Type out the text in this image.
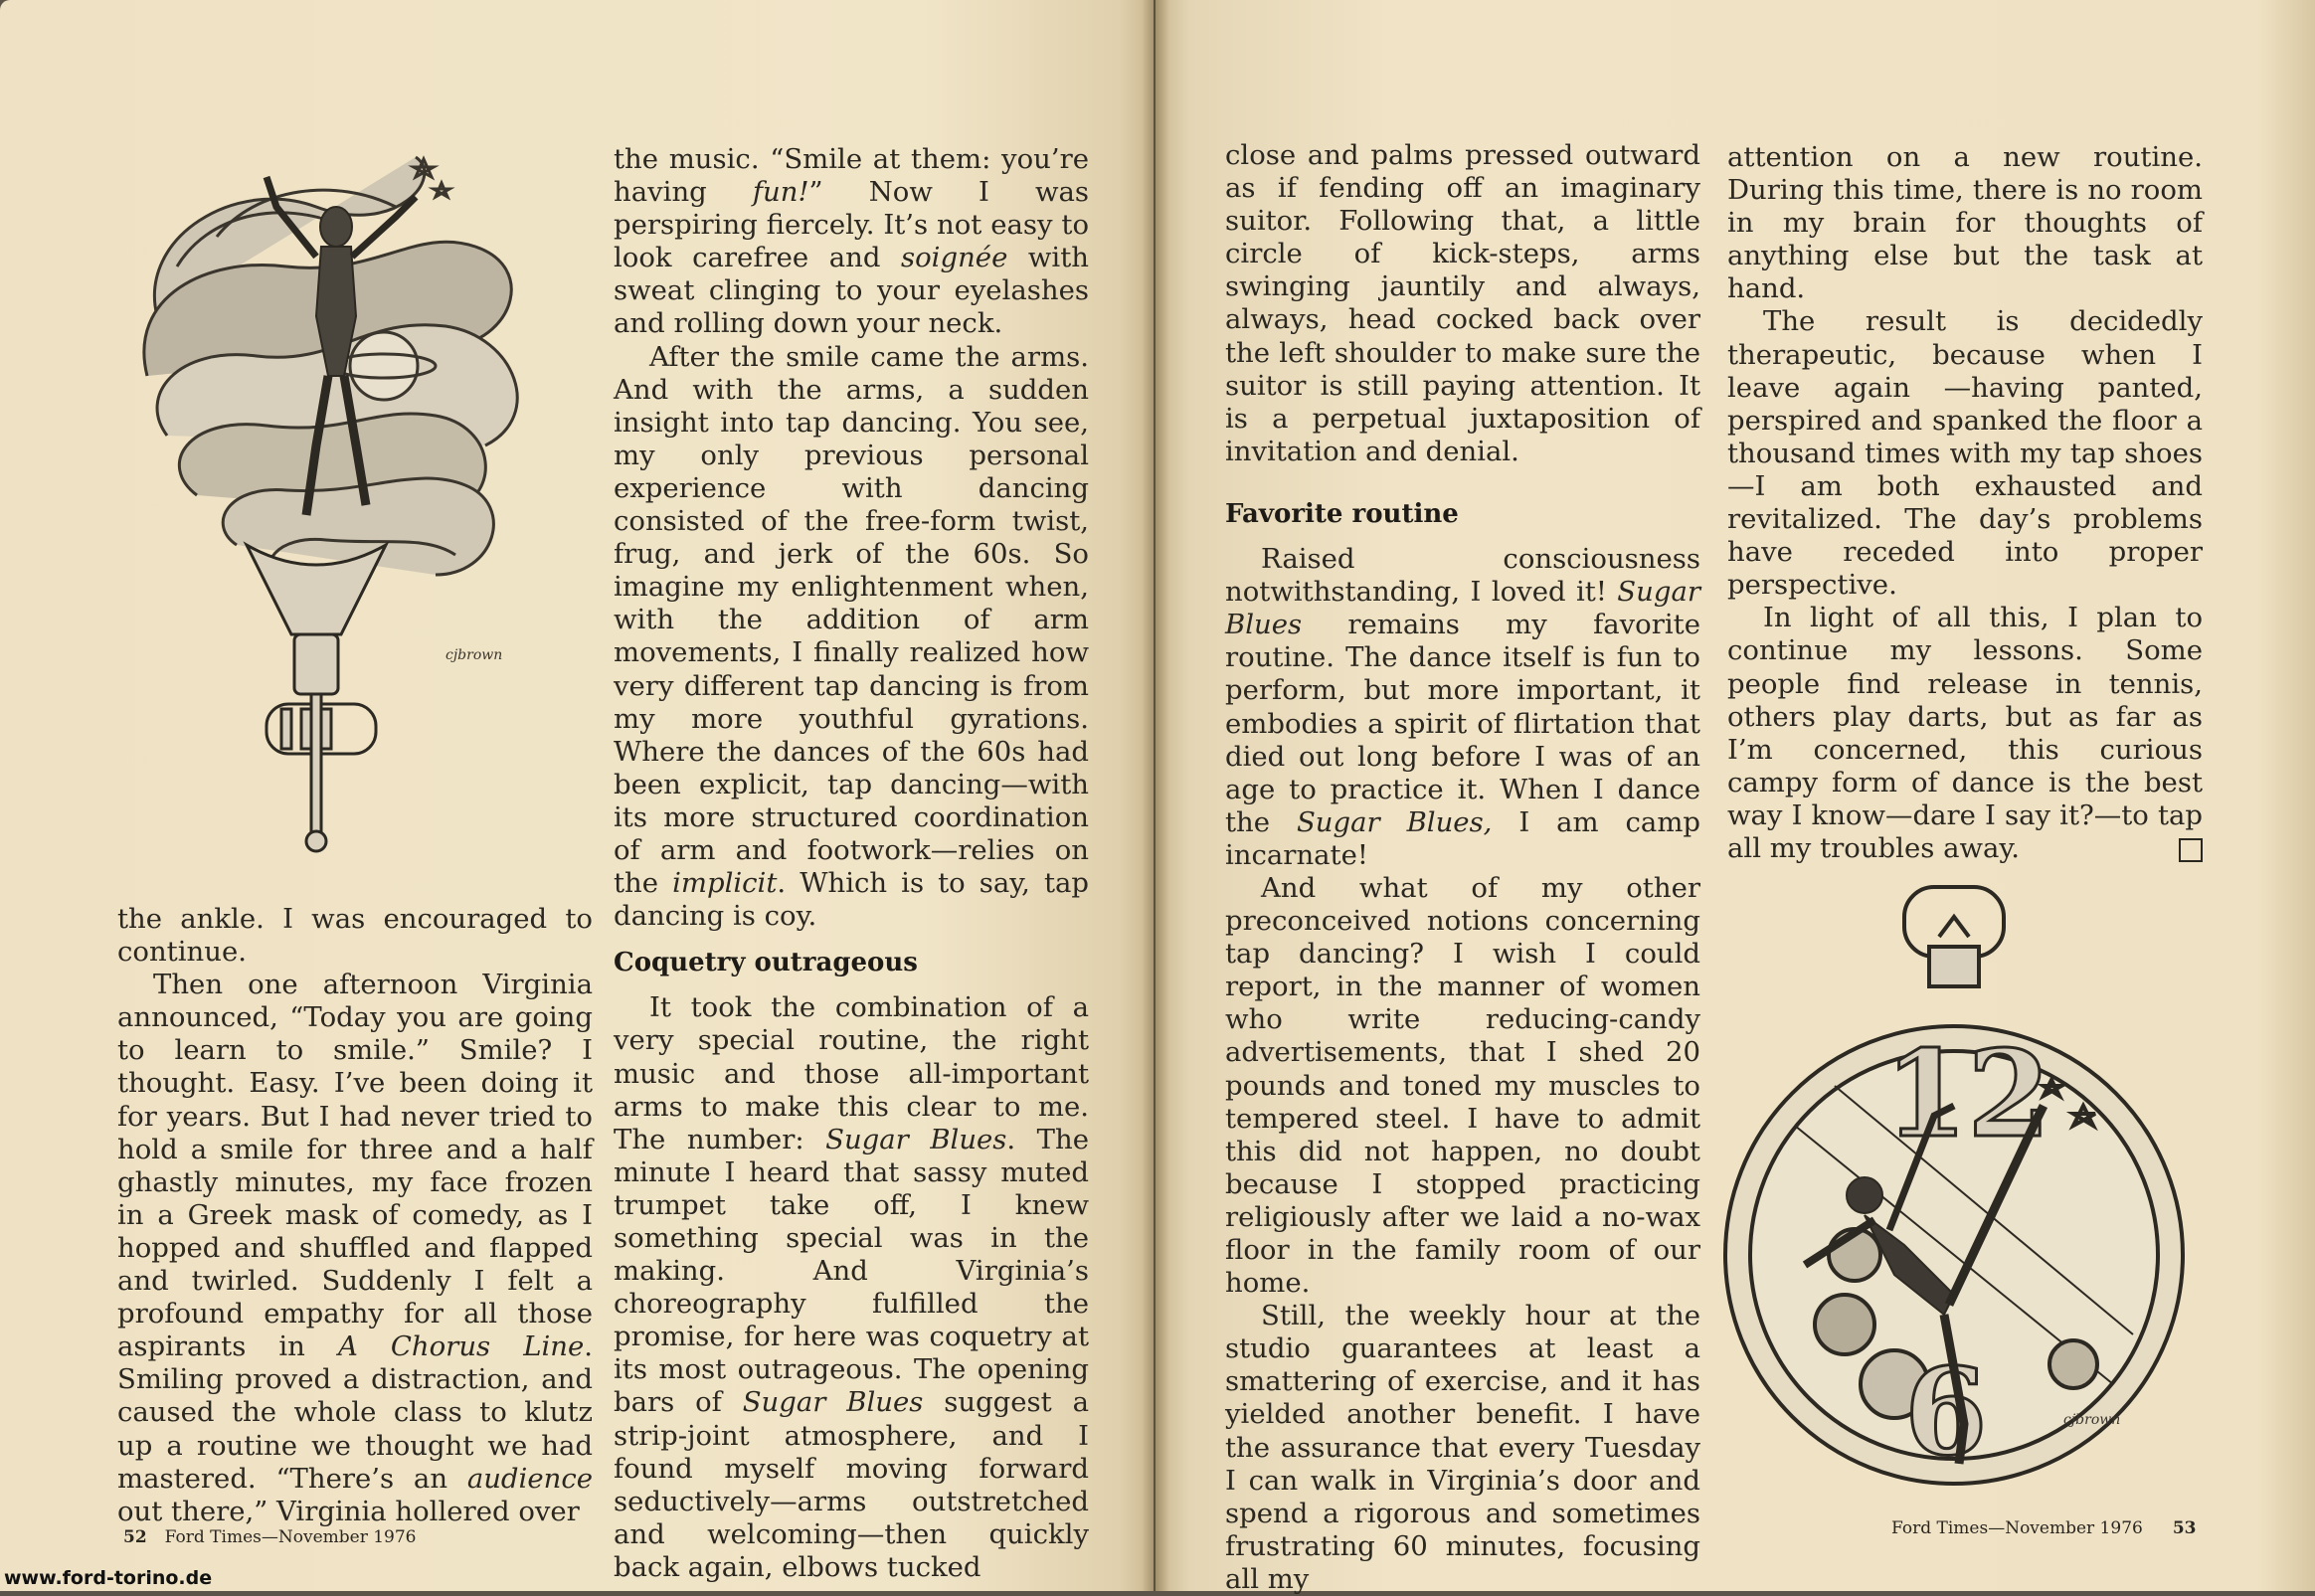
cjbrown

the ankle. I was encouraged to continue.

Then one afternoon Virginia announced, “Today you are going to learn to smile.” Smile? I thought. Easy. I’ve been doing it for years. But I had never tried to hold a smile for three and a half ghastly minutes, my face frozen in a Greek mask of comedy, as I hopped and shuffled and flapped and twirled. Suddenly I felt a profound empathy for all those aspirants in A Chorus Line. Smiling proved a distraction, and caused the whole class to klutz up a routine we thought we had mastered. “There’s an audience out there,” Virginia hollered over

the music. “Smile at them: you’re having fun!” Now I was perspiring fiercely. It’s not easy to look carefree and soignée with sweat clinging to your eyelashes and rolling down your neck.

After the smile came the arms. And with the arms, a sudden insight into tap dancing. You see, my only previous personal experience with dancing consisted of the free-form twist, frug, and jerk of the 60s. So imagine my enlightenment when, with the addition of arm movements, I finally realized how very different tap dancing is from my more youthful gyrations. Where the dances of the 60s had been explicit, tap dancing—with its more structured coordination of arm and footwork—relies on the implicit. Which is to say, tap dancing is coy.

Coquetry outrageous

It took the combination of a very special routine, the right music and those all-important arms to make this clear to me. The number: Sugar Blues. The minute I heard that sassy muted trumpet take off, I knew something special was in the making. And Virginia’s choreography fulfilled the promise, for here was coquetry at its most outrageous. The opening bars of Sugar Blues suggest a strip-joint atmosphere, and I found myself moving forward seductively—arms outstretched and welcoming—then quickly back again, elbows tucked

52 Ford Times—November 1976

close and palms pressed outward as if fending off an imaginary suitor. Following that, a little circle of kick-steps, arms swinging jauntily and always, always, head cocked back over the left shoulder to make sure the suitor is still paying attention. It is a perpetual juxtaposition of invitation and denial.

Favorite routine

Raised consciousness notwithstanding, I loved it! Sugar Blues remains my favorite routine. The dance itself is fun to perform, but more important, it embodies a spirit of flirtation that died out long before I was of an age to practice it. When I dance the Sugar Blues, I am camp incarnate!

And what of my other preconceived notions concerning tap dancing? I wish I could report, in the manner of women who write reducing-candy advertisements, that I shed 20 pounds and toned my muscles to tempered steel. I have to admit this did not happen, no doubt because I stopped practicing religiously after we laid a no-wax floor in the family room of our home.

Still, the weekly hour at the studio guarantees at least a smattering of exercise, and it has yielded another benefit. I have the assurance that every Tuesday I can walk in Virginia’s door and spend a rigorous and sometimes frustrating 60 minutes, focusing all my

attention on a new routine. During this time, there is no room in my brain for thoughts of anything else but the task at hand.

The result is decidedly therapeutic, because when I leave again —having panted, perspired and spanked the floor a thousand times with my tap shoes—I am both exhausted and revitalized. The day’s problems have receded into proper perspective.

In light of all this, I plan to continue my lessons. Some people find release in tennis, others play darts, but as far as I’m concerned, this curious campy form of dance is the best way I know—dare I say it?—to tap all my troubles away.

12
6	cjbrown
Ford Times—November 1976 53
www.ford-torino.de
